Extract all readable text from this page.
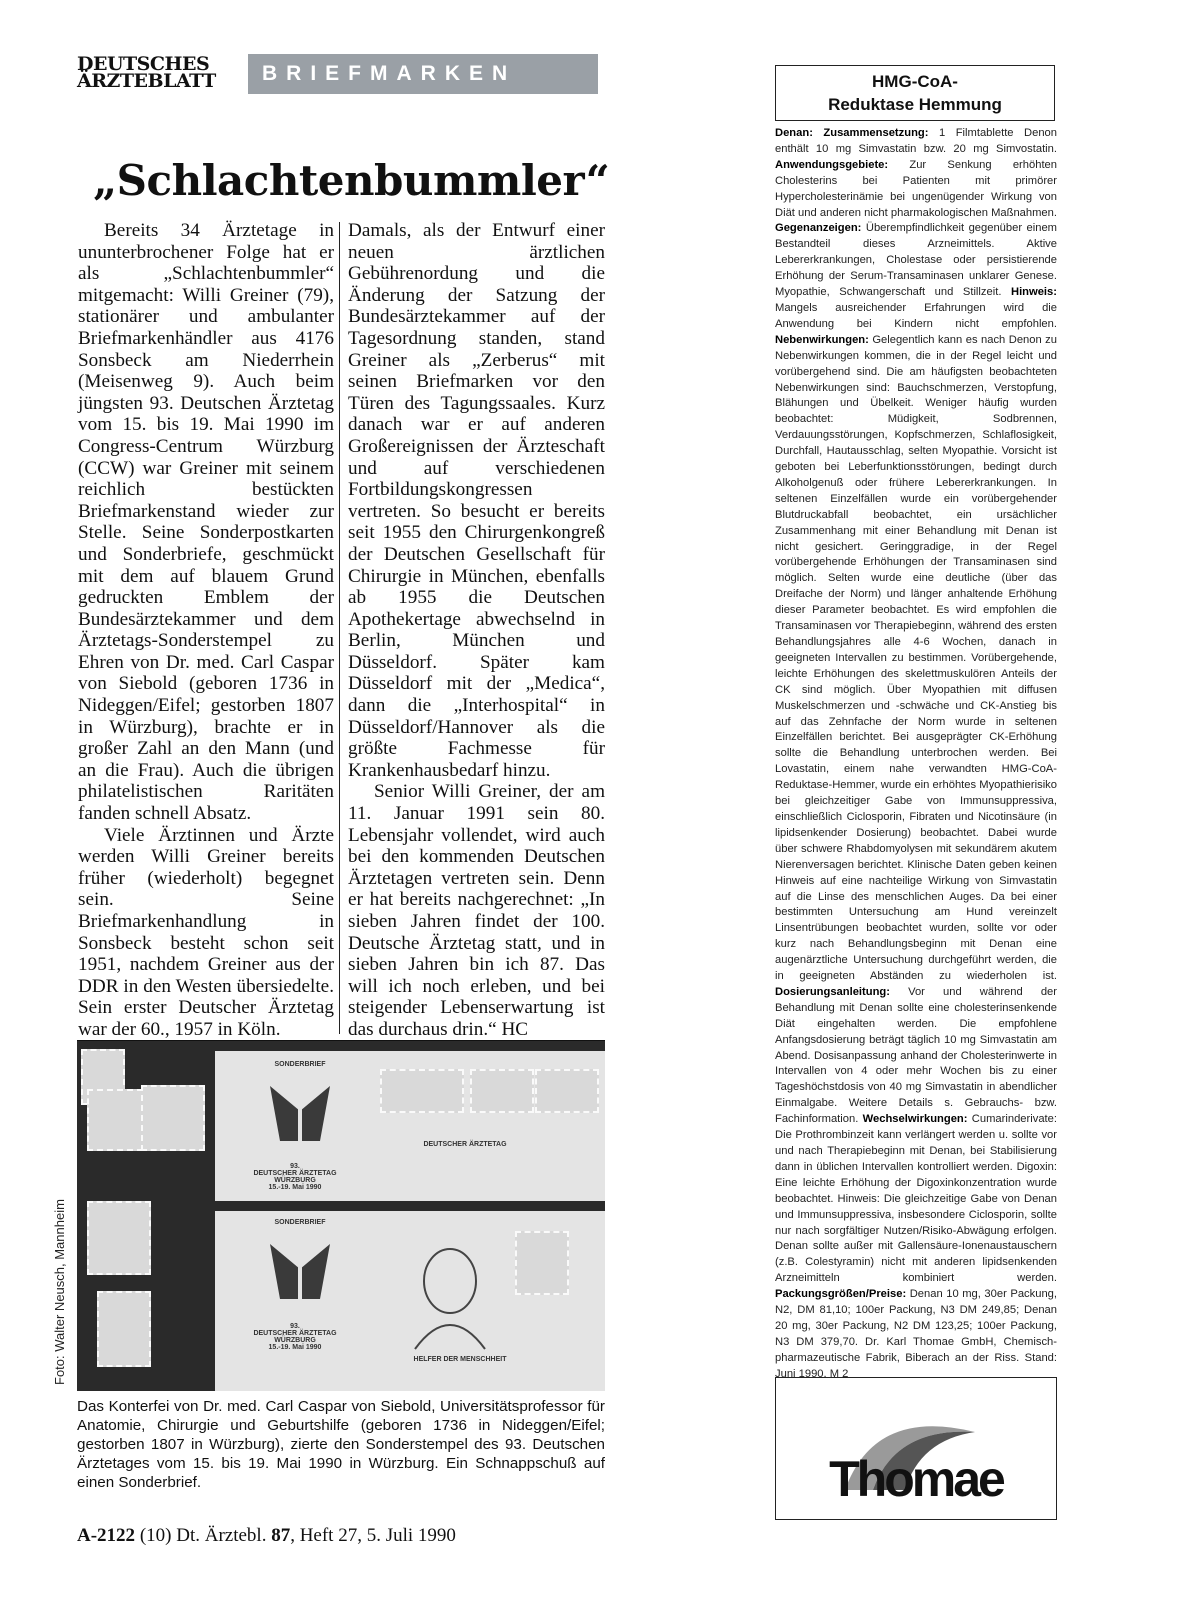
DEUTSCHES
ÄRZTEBLATT	BRIEFMARKEN
„Schlachtenbummler“

Bereits 34 Ärztetage in ununterbrochener Folge hat er als „Schlachtenbummler“ mitgemacht: Willi Greiner (79), stationärer und ambulanter Briefmarkenhändler aus 4176 Sonsbeck am Niederrhein (Meisenweg 9). Auch beim jüngsten 93. Deutschen Ärztetag vom 15. bis 19. Mai 1990 im Congress-Centrum Würzburg (CCW) war Greiner mit seinem reichlich bestückten Briefmarkenstand wieder zur Stelle. Seine Sonderpostkarten und Sonderbriefe, geschmückt mit dem auf blauem Grund gedruckten Emblem der Bundesärztekammer und dem Ärztetags-Sonderstempel zu Ehren von Dr. med. Carl Caspar von Siebold (geboren 1736 in Nideggen/Eifel; gestorben 1807 in Würzburg), brachte er in großer Zahl an den Mann (und an die Frau). Auch die übrigen philatelistischen Raritäten fanden schnell Absatz.

Viele Ärztinnen und Ärzte werden Willi Greiner bereits früher (wiederholt) begegnet sein. Seine Briefmarkenhandlung in Sonsbeck besteht schon seit 1951, nachdem Greiner aus der DDR in den Westen übersiedelte. Sein erster Deutscher Ärztetag war der 60., 1957 in Köln.

Damals, als der Entwurf einer neuen ärztlichen Gebührenordung und die Änderung der Satzung der Bundesärztekammer auf der Tagesordnung standen, stand Greiner als „Zerberus“ mit seinen Briefmarken vor den Türen des Tagungssaales. Kurz danach war er auf anderen Großereignissen der Ärzteschaft und auf verschiedenen Fortbildungskongressen vertreten. So besucht er bereits seit 1955 den Chirurgenkongreß der Deutschen Gesellschaft für Chirurgie in München, ebenfalls ab 1955 die Deutschen Apothekertage abwechselnd in Berlin, München und Düsseldorf. Später kam Düsseldorf mit der „Medica“, dann die „Interhospital“ in Düsseldorf/Hannover als die größte Fachmesse für Krankenhausbedarf hinzu.

Senior Willi Greiner, der am 11. Januar 1991 sein 80. Lebensjahr vollendet, wird auch bei den kommenden Deutschen Ärztetagen vertreten sein. Denn er hat bereits nachgerechnet: „In sieben Jahren findet der 100. Deutsche Ärztetag statt, und in sieben Jahren bin ich 87. Das will ich noch erleben, und bei steigender Lebenserwartung ist das durchaus drin.“ HC

SONDERBRIEF
93.
DEUTSCHER ÄRZTETAG
WÜRZBURG
15.-19. Mai 1990
DEUTSCHER ÄRZTETAG
SONDERBRIEF
93.
DEUTSCHER ÄRZTETAG
WÜRZBURG
15.-19. Mai 1990
HELFER DER MENSCHHEIT
Foto: Walter Neusch, Mannheim
Das Konterfei von Dr. med. Carl Caspar von Siebold, Universitätsprofessor für Anatomie, Chirurgie und Geburtshilfe (geboren 1736 in Nideggen/Eifel; gestorben 1807 in Würzburg), zierte den Sonderstempel des 93. Deutschen Ärztetages vom 15. bis 19. Mai 1990 in Würzburg. Ein Schnappschuß auf einen Sonderbrief.
A-2122 (10) Dt. Ärztebl. 87, Heft 27, 5. Juli 1990
HMG-CoA-
Reduktase Hemmung
Denan: Zusammensetzung: 1 Filmtablette Denon enthält 10 mg Simvastatin bzw. 20 mg Simvostatin. Anwendungsgebiete: Zur Senkung erhöhten Cholesterins bei Patienten mit primörer Hypercholesterinämie bei ungenügender Wirkung von Diät und anderen nicht pharmakologischen Maßnahmen. Gegenanzeigen: Überempfindlichkeit gegenüber einem Bestandteil dieses Arzneimittels. Aktive Lebererkrankungen, Cholestase oder persistierende Erhöhung der Serum-Transaminasen unklarer Genese. Myopathie, Schwangerschaft und Stillzeit. Hinweis: Mangels ausreichender Erfahrungen wird die Anwendung bei Kindern nicht empfohlen. Nebenwirkungen: Gelegentlich kann es nach Denon zu Nebenwirkungen kommen, die in der Regel leicht und vorübergehend sind. Die am häufigsten beobachteten Nebenwirkungen sind: Bauchschmerzen, Verstopfung, Blähungen und Übelkeit. Weniger häufig wurden beobachtet: Müdigkeit, Sodbrennen, Verdauungsstörungen, Kopfschmerzen, Schlaflosigkeit, Durchfall, Hautausschlag, selten Myopathie. Vorsicht ist geboten bei Leberfunktionsstörungen, bedingt durch Alkoholgenuß oder frühere Lebererkrankungen. In seltenen Einzelfällen wurde ein vorübergehender Blutdruckabfall beobachtet, ein ursächlicher Zusammenhang mit einer Behandlung mit Denan ist nicht gesichert. Geringgradige, in der Regel vorübergehende Erhöhungen der Transaminasen sind möglich. Selten wurde eine deutliche (über das Dreifache der Norm) und länger anhaltende Erhöhung dieser Parameter beobachtet. Es wird empfohlen die Transaminasen vor Therapiebeginn, während des ersten Behandlungsjahres alle 4-6 Wochen, danach in geeigneten Intervallen zu bestimmen. Vorübergehende, leichte Erhöhungen des skelettmuskulören Anteils der CK sind möglich. Über Myopathien mit diffusen Muskelschmerzen und -schwäche und CK-Anstieg bis auf das Zehnfache der Norm wurde in seltenen Einzelfällen berichtet. Bei ausgeprägter CK-Erhöhung sollte die Behandlung unterbrochen werden. Bei Lovastatin, einem nahe verwandten HMG-CoA-Reduktase-Hemmer, wurde ein erhöhtes Myopathierisiko bei gleichzeitiger Gabe von Immunsuppressiva, einschließlich Ciclosporin, Fibraten und Nicotinsäure (in lipidsenkender Dosierung) beobachtet. Dabei wurde über schwere Rhabdomyolysen mit sekundärem akutem Nierenversagen berichtet. Klinische Daten geben keinen Hinweis auf eine nachteilige Wirkung von Simvastatin auf die Linse des menschlichen Auges. Da bei einer bestimmten Untersuchung am Hund vereinzelt Linsentrübungen beobachtet wurden, sollte vor oder kurz nach Behandlungsbeginn mit Denan eine augenärztliche Untersuchung durchgeführt werden, die in geeigneten Abständen zu wiederholen ist. Dosierungsanleitung: Vor und während der Behandlung mit Denan sollte eine cholesterinsenkende Diät eingehalten werden. Die empfohlene Anfangsdosierung beträgt täglich 10 mg Simvastatin am Abend. Dosisanpassung anhand der Cholesterinwerte in Intervallen von 4 oder mehr Wochen bis zu einer Tageshöchstdosis von 40 mg Simvastatin in abendlicher Einmalgabe. Weitere Details s. Gebrauchs- bzw. Fachinformation. Wechselwirkungen: Cumarinderivate: Die Prothrombinzeit kann verlängert werden u. sollte vor und nach Therapiebeginn mit Denan, bei Stabilisierung dann in üblichen Intervallen kontrolliert werden. Digoxin: Eine leichte Erhöhung der Digoxinkonzentration wurde beobachtet. Hinweis: Die gleichzeitige Gabe von Denan und Immunsuppressiva, insbesondere Ciclosporin, sollte nur nach sorgfältiger Nutzen/Risiko-Abwägung erfolgen. Denan sollte außer mit Gallensäure-Ionenaustauschern (z.B. Colestyramin) nicht mit anderen lipidsenkenden Arzneimitteln kombiniert werden. Packungsgrößen/Preise: Denan 10 mg, 30er Packung, N2, DM 81,10; 100er Packung, N3 DM 249,85; Denan 20 mg, 30er Packung, N2 DM 123,25; 100er Packung, N3 DM 379,70. Dr. Karl Thomae GmbH, Chemisch-pharmazeutische Fabrik, Biberach an der Riss. Stand: Juni 1990. M 2
Thomae
